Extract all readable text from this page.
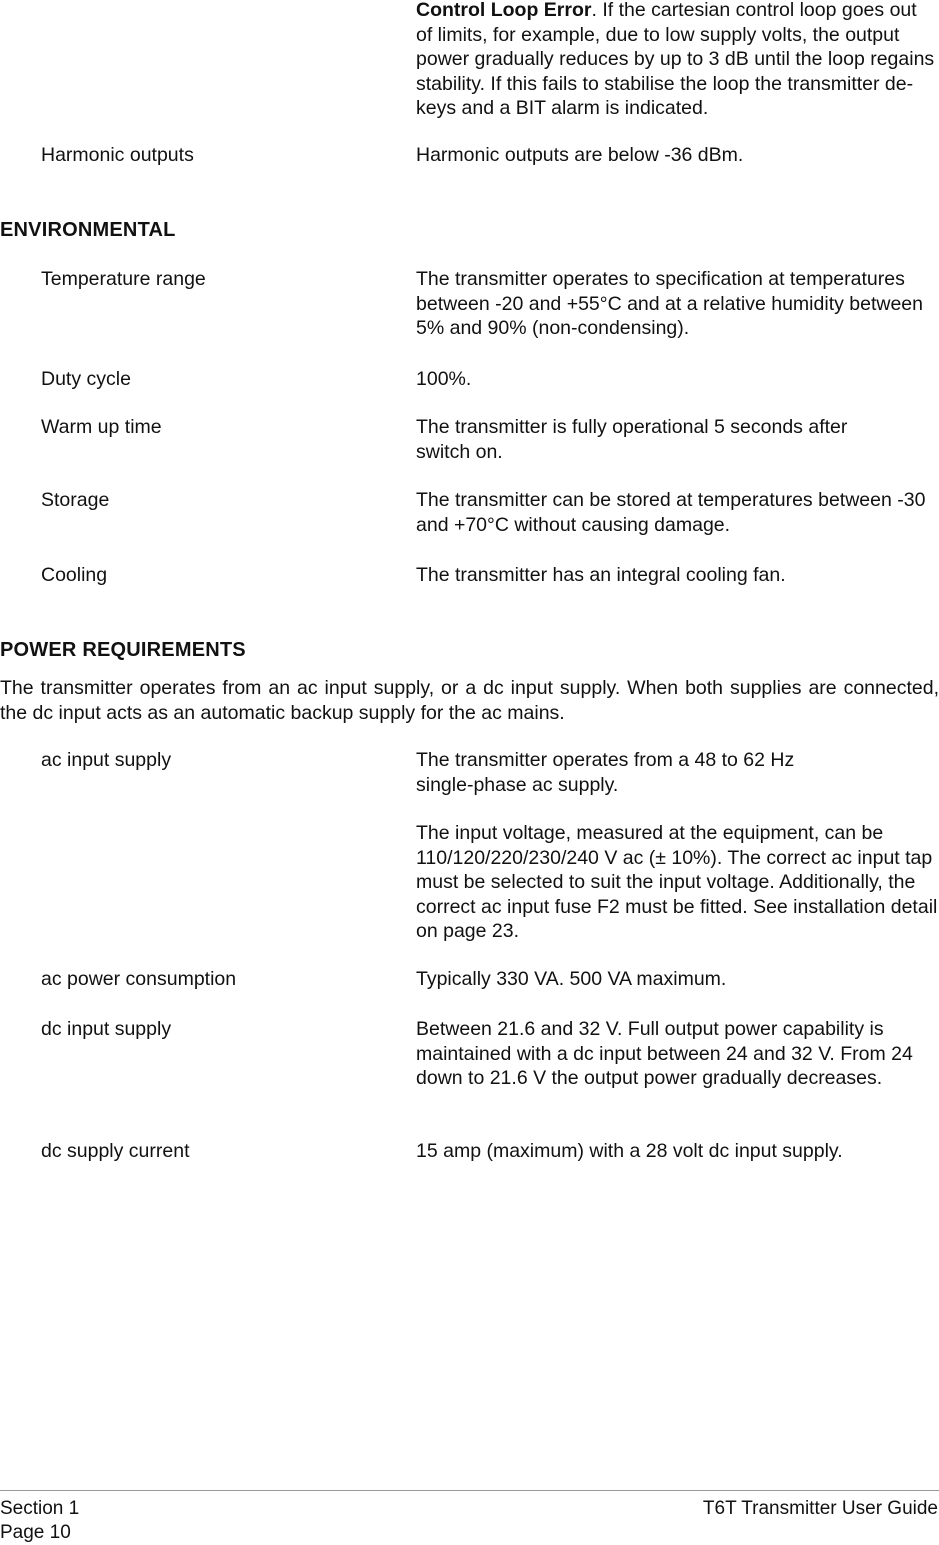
Control Loop Error. If the cartesian control loop goes out of limits, for example, due to low supply volts, the output power gradually reduces by up to 3 dB until the loop regains stability. If this fails to stabilise the loop the transmitter de-keys and a BIT alarm is indicated.
Harmonic outputs	Harmonic outputs are below -36 dBm.
ENVIRONMENTAL
Temperature range	The transmitter operates to specification at temperatures between -20 and +55°C and at a relative humidity between 5% and 90% (non-condensing).
Duty cycle	100%.
Warm up time	The transmitter is fully operational 5 seconds after switch on.
Storage	The transmitter can be stored at temperatures between -30 and +70°C without causing damage.
Cooling	The transmitter has an integral cooling fan.
POWER REQUIREMENTS
The transmitter operates from an ac input supply, or a dc input supply. When both supplies are connected, the dc input acts as an automatic backup supply for the ac mains.
ac input supply	The transmitter operates from a 48 to 62 Hz single-phase ac supply.

The input voltage, measured at the equipment, can be 110/120/220/230/240 V ac (± 10%). The correct ac input tap must be selected to suit the input voltage. Additionally, the correct ac input fuse F2 must be fitted. See installation detail on page 23.

ac power consumption	Typically 330 VA. 500 VA maximum.
dc input supply	Between 21.6 and 32 V. Full output power capability is maintained with a dc input between 24 and 32 V. From 24 down to 21.6 V the output power gradually decreases.
dc supply current	15 amp (maximum) with a 28 volt dc input supply.
Section 1
Page 10
T6T Transmitter User Guide
